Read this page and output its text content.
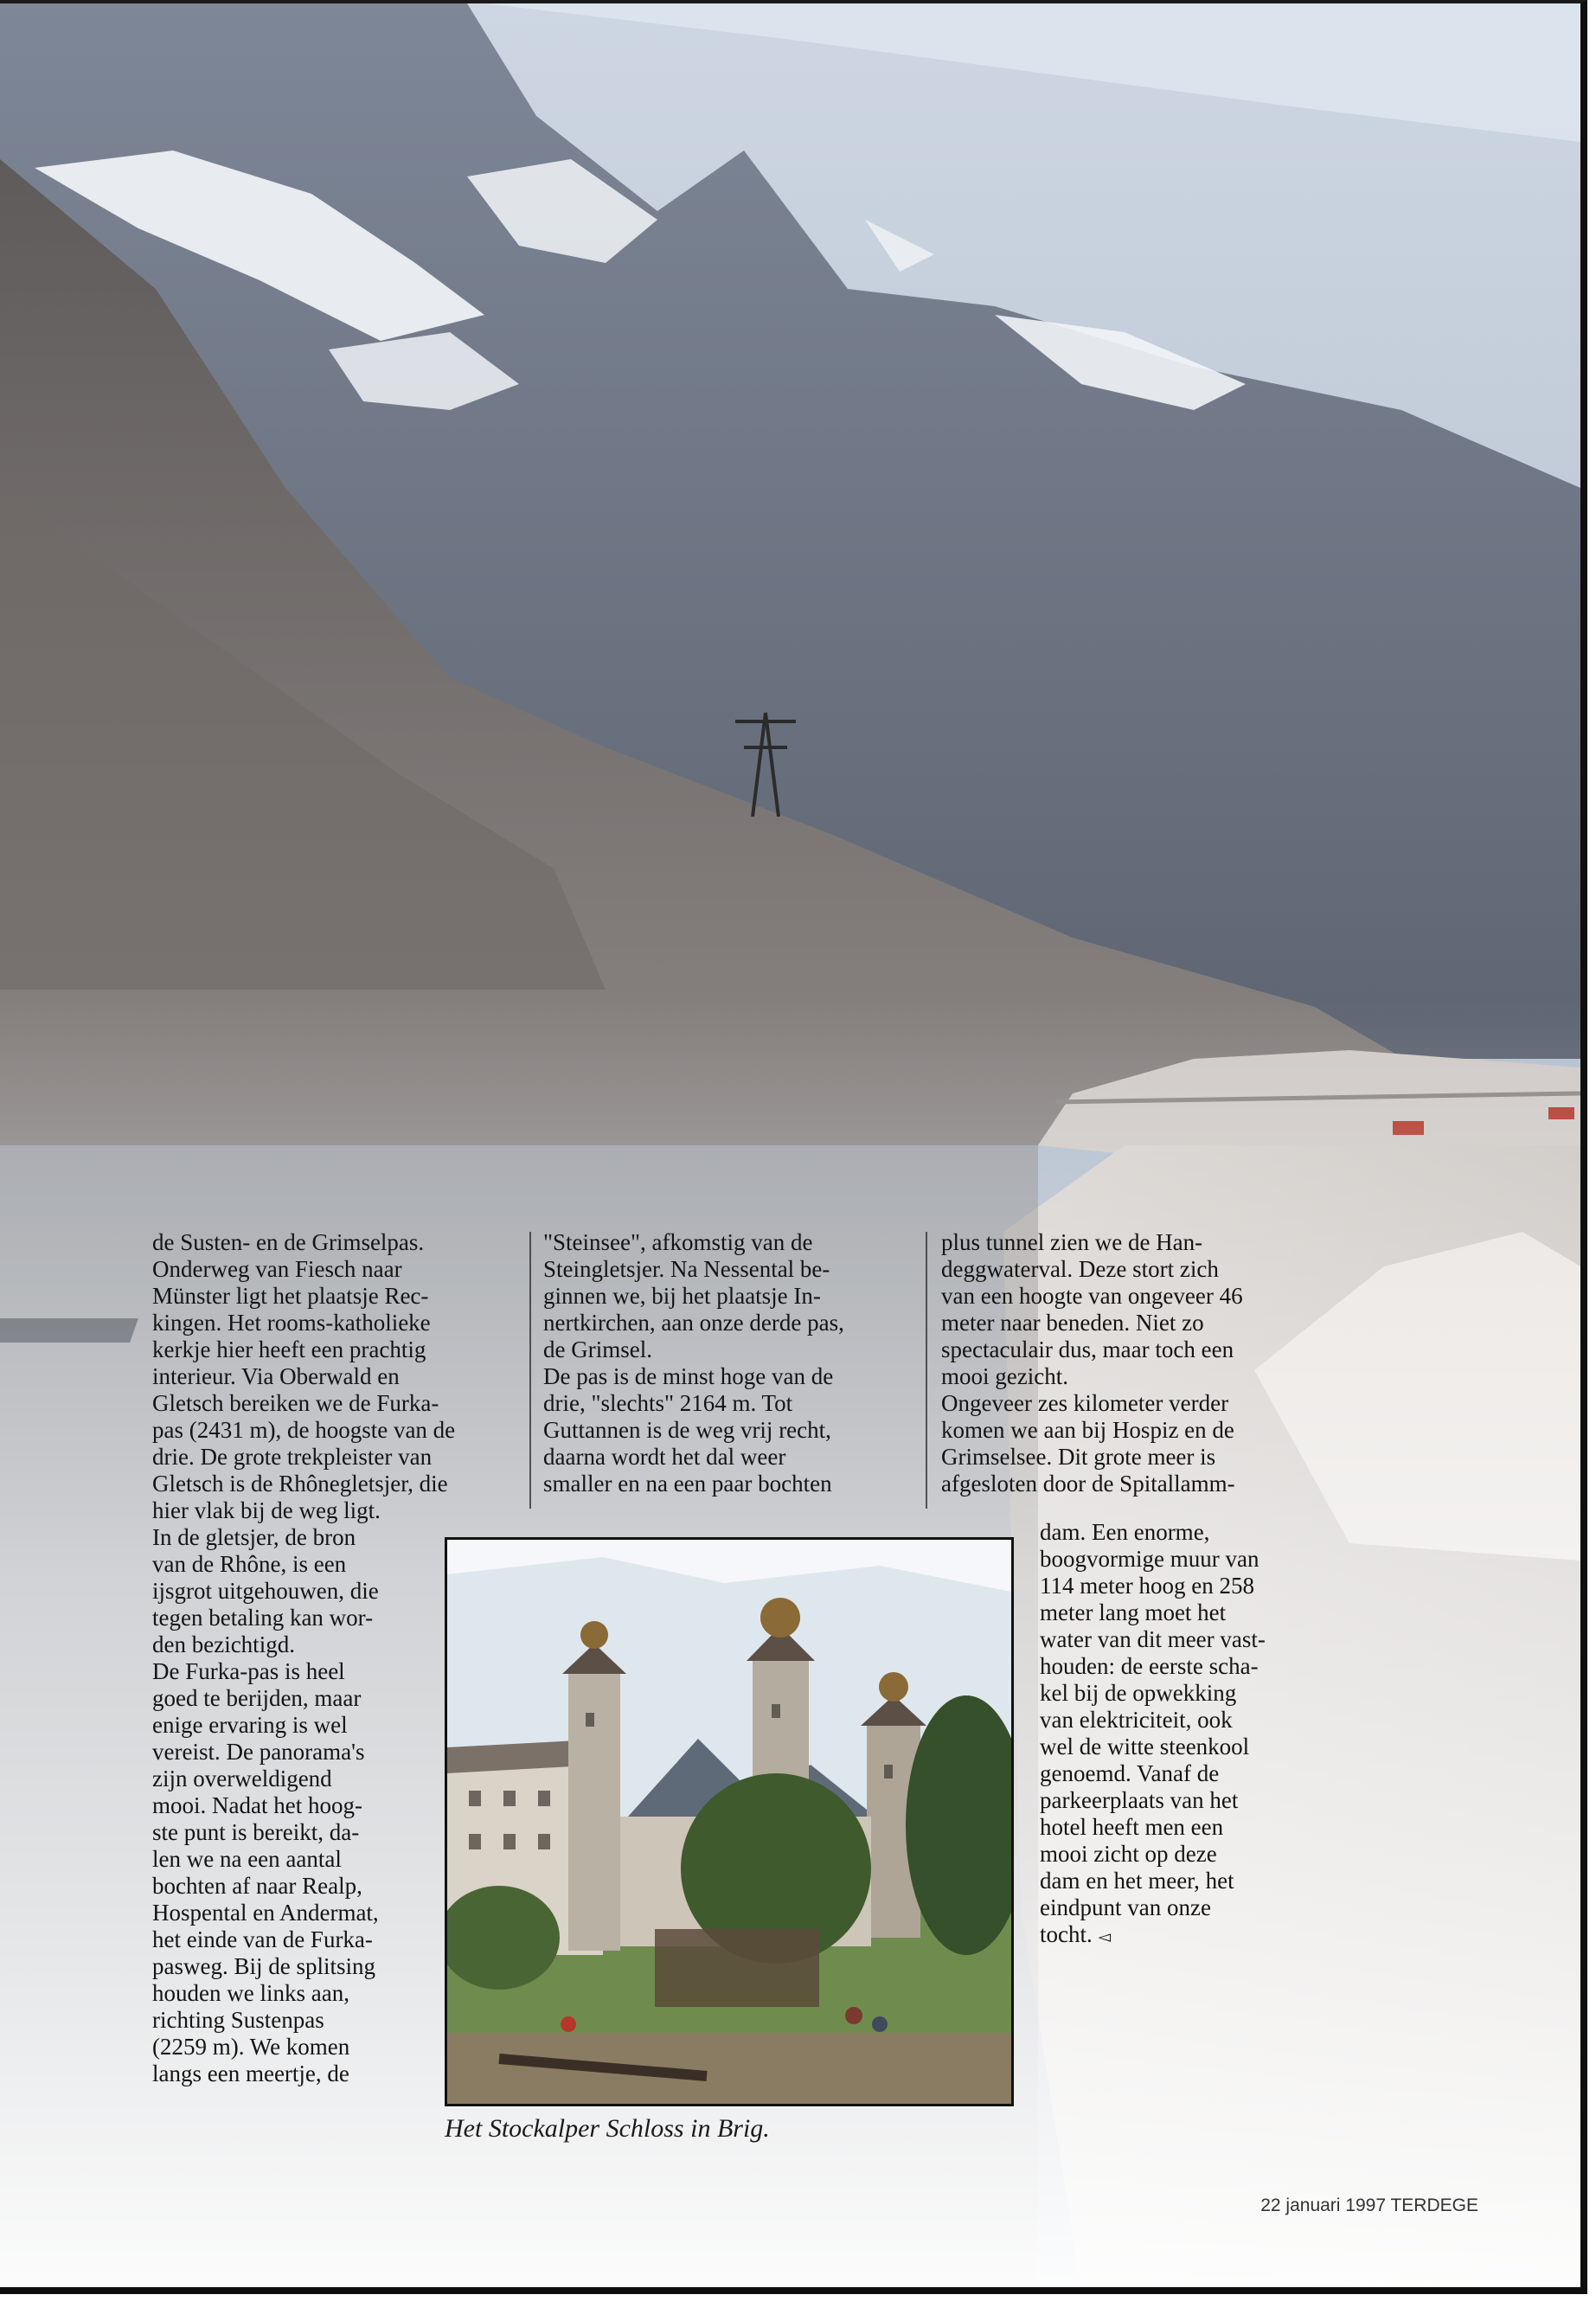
de Susten- en de Grimselpas.
Onderweg van Fiesch naar
Münster ligt het plaatsje Rec-
kingen. Het rooms-katholieke
kerkje hier heeft een prachtig
interieur. Via Oberwald en
Gletsch bereiken we de Furka-
pas (2431 m), de hoogste van de
drie. De grote trekpleister van
Gletsch is de Rhônegletsjer, die
hier vlak bij de weg ligt.
In de gletsjer, de bron
van de Rhône, is een
ijsgrot uitgehouwen, die
tegen betaling kan wor-
den bezichtigd.
De Furka-pas is heel
goed te berijden, maar
enige ervaring is wel
vereist. De panorama's
zijn overweldigend
mooi. Nadat het hoog-
ste punt is bereikt, da-
len we na een aantal
bochten af naar Realp,
Hospental en Andermat,
het einde van de Furka-
pasweg. Bij de splitsing
houden we links aan,
richting Sustenpas
(2259 m). We komen
langs een meertje, de

"Steinsee", afkomstig van de
Steingletsjer. Na Nessental be-
ginnen we, bij het plaatsje In-
nertkirchen, aan onze derde pas,
de Grimsel.
De pas is de minst hoge van de
drie, "slechts" 2164 m. Tot
Guttannen is de weg vrij recht,
daarna wordt het dal weer
smaller en na een paar bochten

plus tunnel zien we de Han-
deggwaterval. Deze stort zich
van een hoogte van ongeveer 46
meter naar beneden. Niet zo
spectaculair dus, maar toch een
mooi gezicht.
Ongeveer zes kilometer verder
komen we aan bij Hospiz en de
Grimselsee. Dit grote meer is
afgesloten door de Spitallamm-

dam. Een enorme,
boogvormige muur van
114 meter hoog en 258
meter lang moet het
water van dit meer vast-
houden: de eerste scha-
kel bij de opwekking
van elektriciteit, ook
wel de witte steenkool
genoemd. Vanaf de
parkeerplaats van het
hotel heeft men een
mooi zicht op deze
dam en het meer, het
eindpunt van onze
tocht. ◅

Het Stockalper Schloss in Brig.
22 januari 1997 TERDEGE
